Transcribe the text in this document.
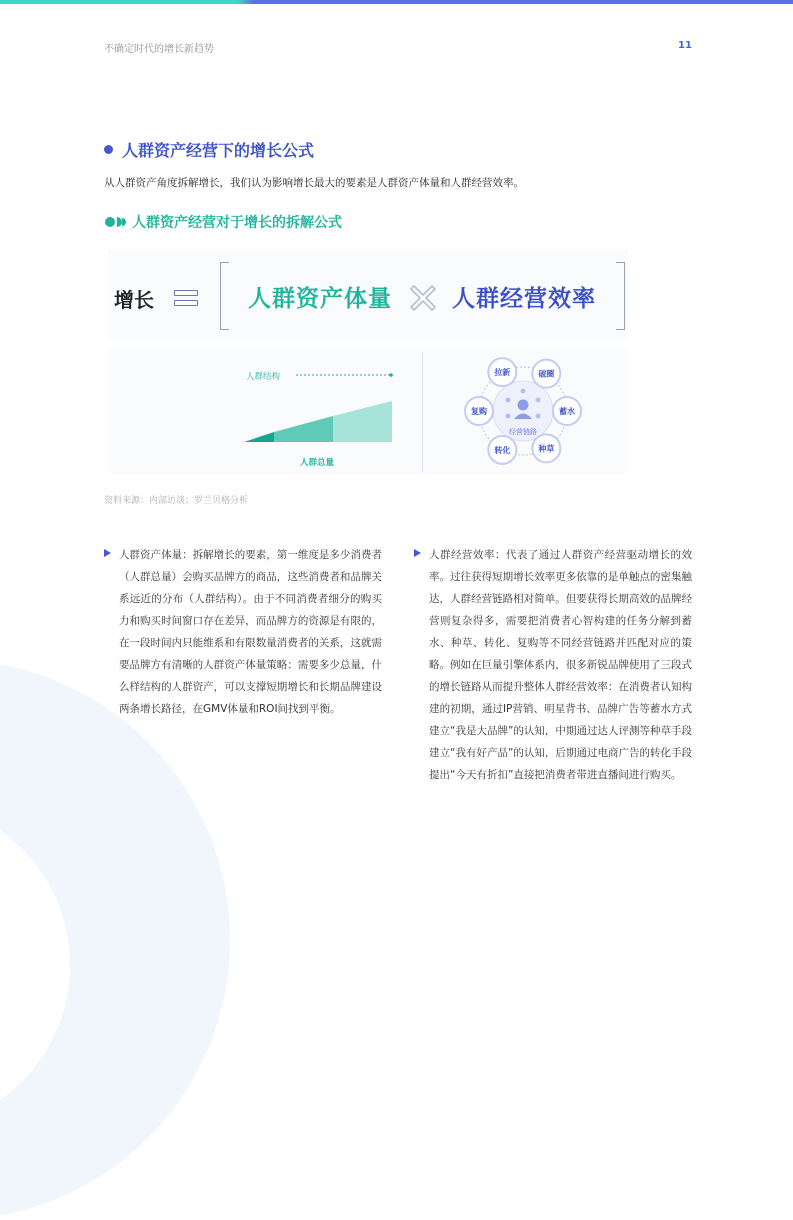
不确定时代的增长新趋势	11
人群资产经营下的增长公式
从人群资产角度拆解增长，我们认为影响增长最大的要素是人群资产体量和人群经营效率。
人群资产经营对于增长的拆解公式
增长	人群资产体量	人群经营效率
人群结构
人群总量
经营链路
拉新	破圈
蓄水
种草
转化
复购
资料来源：内部访谈；罗兰贝格分析

人群资产体量：拆解增长的要素，第一维度是多少消费者（人群总量）会购买品牌方的商品，这些消费者和品牌关系远近的分布（人群结构）。由于不同消费者细分的购买力和购买时间窗口存在差异，而品牌方的资源是有限的，在一段时间内只能维系和有限数量消费者的关系，这就需要品牌方有清晰的人群资产体量策略：需要多少总量，什么样结构的人群资产，可以支撑短期增长和长期品牌建设两条增长路径，在GMV体量和ROI间找到平衡。

人群经营效率：代表了通过人群资产经营驱动增长的效率。过往获得短期增长效率更多依靠的是单触点的密集触达，人群经营链路相对简单。但要获得长期高效的品牌经营则复杂得多，需要把消费者心智构建的任务分解到蓄水、种草、转化、复购等不同经营链路并匹配对应的策略。例如在巨量引擎体系内，很多新锐品牌使用了三段式的增长链路从而提升整体人群经营效率：在消费者认知构建的初期，通过IP营销、明星背书、品牌广告等蓄水方式建立“我是大品牌”的认知，中期通过达人评测等种草手段建立“我有好产品”的认知，后期通过电商广告的转化手段提出“今天有折扣”直接把消费者带进直播间进行购买。
